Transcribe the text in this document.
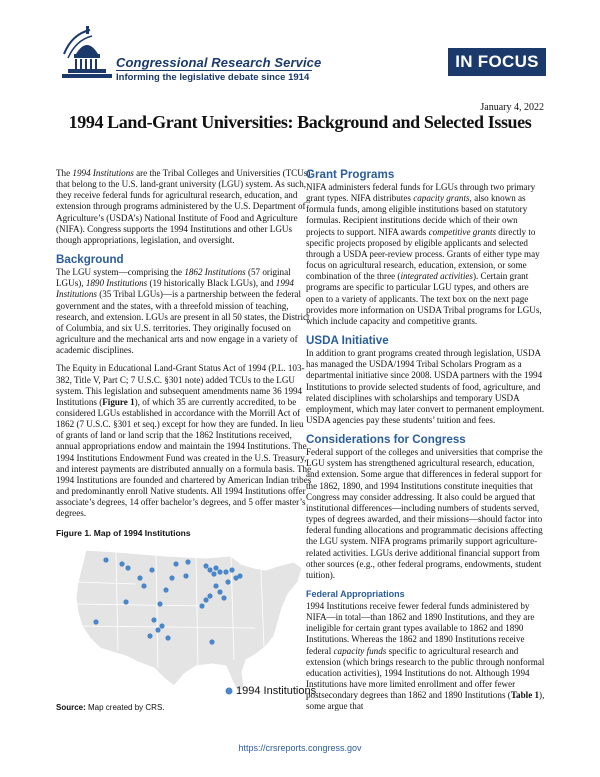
Congressional Research Service
Informing the legislative debate since 1914
IN FOCUS
January 4, 2022
1994 Land-Grant Universities: Background and Selected Issues

The 1994 Institutions are the Tribal Colleges and Universities (TCUs) that belong to the U.S. land-grant university (LGU) system. As such, they receive federal funds for agricultural research, education, and extension through programs administered by the U.S. Department of Agriculture’s (USDA’s) National Institute of Food and Agriculture (NIFA). Congress supports the 1994 Institutions and other LGUs though appropriations, legislation, and oversight.

Background

The LGU system—comprising the 1862 Institutions (57 original LGUs), 1890 Institutions (19 historically Black LGUs), and 1994 Institutions (35 Tribal LGUs)—is a partnership between the federal government and the states, with a threefold mission of teaching, research, and extension. LGUs are present in all 50 states, the District of Columbia, and six U.S. territories. They originally focused on agriculture and the mechanical arts and now engage in a variety of academic disciplines.

The Equity in Educational Land-Grant Status Act of 1994 (P.L. 103-382, Title V, Part C; 7 U.S.C. §301 note) added TCUs to the LGU system. This legislation and subsequent amendments name 36 1994 Institutions (Figure 1), of which 35 are currently accredited, to be considered LGUs established in accordance with the Morrill Act of 1862 (7 U.S.C. §301 et seq.) except for how they are funded. In lieu of grants of land or land scrip that the 1862 Institutions received, annual appropriations endow and maintain the 1994 Institutions. The 1994 Institutions Endowment Fund was created in the U.S. Treasury, and interest payments are distributed annually on a formula basis. The 1994 Institutions are founded and chartered by American Indian tribes and predominantly enroll Native students. All 1994 Institutions offer associate’s degrees, 14 offer bachelor’s degrees, and 5 offer master’s degrees.

Figure 1. Map of 1994 Institutions
1994 Institutions
Source: Map created by CRS.
Grant Programs

NIFA administers federal funds for LGUs through two primary grant types. NIFA distributes capacity grants, also known as formula funds, among eligible institutions based on statutory formulas. Recipient institutions decide which of their own projects to support. NIFA awards competitive grants directly to specific projects proposed by eligible applicants and selected through a USDA peer-review process. Grants of either type may focus on agricultural research, education, extension, or some combination of the three (integrated activities). Certain grant programs are specific to particular LGU types, and others are open to a variety of applicants. The text box on the next page provides more information on USDA Tribal programs for LGUs, which include capacity and competitive grants.

USDA Initiative

In addition to grant programs created through legislation, USDA has managed the USDA/1994 Tribal Scholars Program as a departmental initiative since 2008. USDA partners with the 1994 Institutions to provide selected students of food, agriculture, and related disciplines with scholarships and temporary USDA employment, which may later convert to permanent employment. USDA agencies pay these students’ tuition and fees.

Considerations for Congress

Federal support of the colleges and universities that comprise the LGU system has strengthened agricultural research, education, and extension. Some argue that differences in federal support for the 1862, 1890, and 1994 Institutions constitute inequities that Congress may consider addressing. It also could be argued that institutional differences—including numbers of students served, types of degrees awarded, and their missions—should factor into federal funding allocations and programmatic decisions affecting the LGU system. NIFA programs primarily support agriculture-related activities. LGUs derive additional financial support from other sources (e.g., other federal programs, endowments, student tuition).

Federal Appropriations

1994 Institutions receive fewer federal funds administered by NIFA—in total—than 1862 and 1890 Institutions, and they are ineligible for certain grant types available to 1862 and 1890 Institutions. Whereas the 1862 and 1890 Institutions receive federal capacity funds specific to agricultural research and extension (which brings research to the public through nonformal education activities), 1994 Institutions do not. Although 1994 Institutions have more limited enrollment and offer fewer postsecondary degrees than 1862 and 1890 Institutions (Table 1), some argue that

https://crsreports.congress.gov
